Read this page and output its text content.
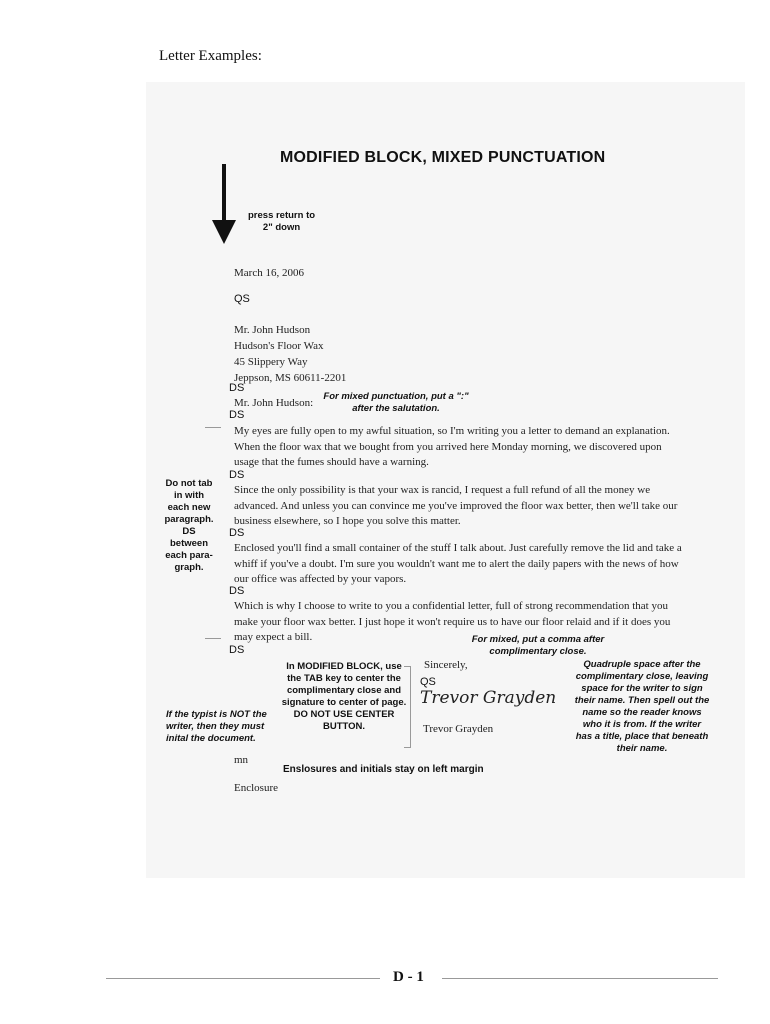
Letter Examples:
MODIFIED BLOCK, MIXED PUNCTUATION
press return to
2" down
March 16, 2006
QS
Mr. John Hudson
Hudson's Floor Wax
45 Slippery Way
Jeppson, MS 60611-2201
DS
Mr. John Hudson:
For mixed punctuation, put a ":"
after the salutation.
DS
My eyes are fully open to my awful situation, so I'm writing you a letter to demand an explanation. When the floor wax that we bought from you arrived here Monday morning, we discovered upon usage that the fumes should have a warning.
DS
Since the only possibility is that your wax is rancid, I request a full refund of all the money we advanced. And unless you can convince me you've improved the floor wax better, then we'll take our business elsewhere, so I hope you solve this matter.
DS
Enclosed you'll find a small container of the stuff I talk about. Just carefully remove the lid and take a whiff if you've a doubt. I'm sure you wouldn't want me to alert the daily papers with the news of how our office was affected by your vapors.
DS
Which is why I choose to write to you a confidential letter, full of strong recommendation that you make your floor wax better. I just hope it won't require us to have our floor relaid and if it does you may expect a bill.
DS
Do not tab
in with
each new
paragraph.
DS
between
each para-
graph.
For mixed, put a comma after
complimentary close.
Sincerely,
QS
Trevor Grayden
Trevor Grayden
In MODIFIED BLOCK, use
the TAB key to center the
complimentary close and
signature to center of page.
DO NOT USE CENTER
BUTTON.
If the typist is NOT the
writer, then they must
inital the document.
Quadruple space after the
complimentary close, leaving
space for the writer to sign
their name. Then spell out the
name so the reader knows
who it is from. If the writer
has a title, place that beneath
their name.
mn
Enslosures and initials stay on left margin
Enclosure
D - 1
